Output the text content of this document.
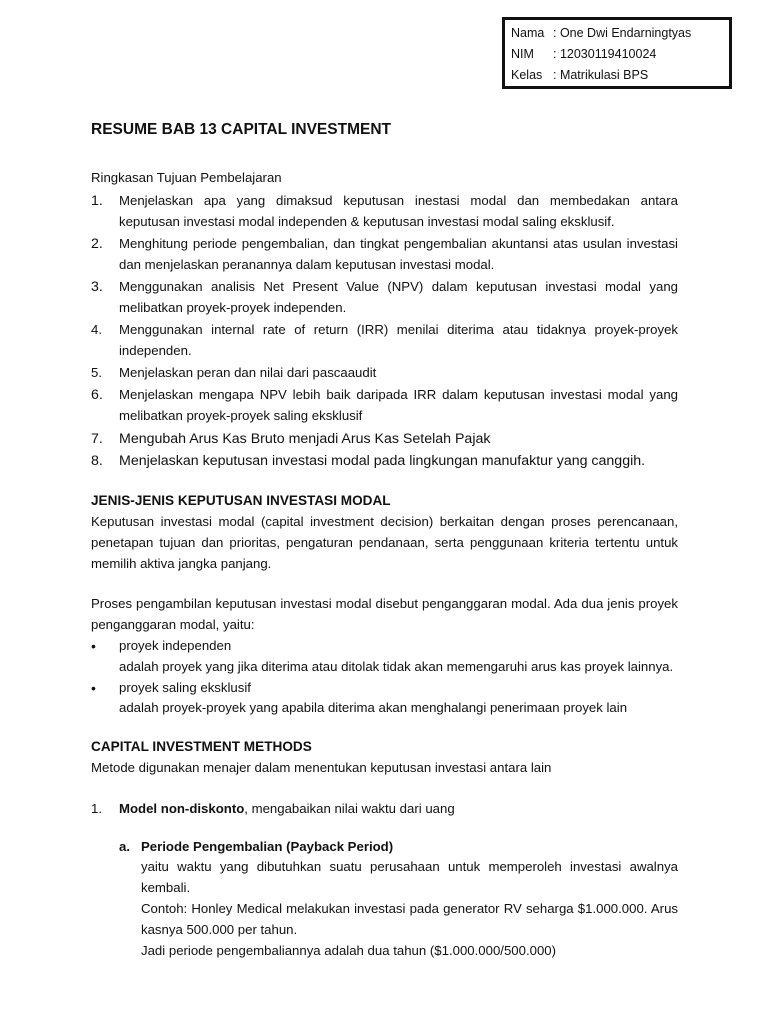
Nama : One Dwi Endarningtyas
NIM	: 12030119410024
Kelas : Matrikulasi BPS
RESUME BAB 13 CAPITAL INVESTMENT

Ringkasan Tujuan Pembelajaran

1.	Menjelaskan apa yang dimaksud keputusan inestasi modal dan membedakan antara keputusan investasi modal independen & keputusan investasi modal saling eksklusif.
2.	Menghitung periode pengembalian, dan tingkat pengembalian akuntansi atas usulan investasi dan menjelaskan peranannya dalam keputusan investasi modal.
3.	Menggunakan analisis Net Present Value (NPV) dalam keputusan investasi modal yang melibatkan proyek-proyek independen.
4.	Menggunakan internal rate of return (IRR) menilai diterima atau tidaknya proyek-proyek independen.
5.	Menjelaskan peran dan nilai dari pascaaudit
6.	Menjelaskan mengapa NPV lebih baik daripada IRR dalam keputusan investasi modal yang melibatkan proyek-proyek saling eksklusif
7.	Mengubah Arus Kas Bruto menjadi Arus Kas Setelah Pajak
8.	Menjelaskan keputusan investasi modal pada lingkungan manufaktur yang canggih.
JENIS-JENIS KEPUTUSAN INVESTASI MODAL

Keputusan investasi modal (capital investment decision) berkaitan dengan proses perencanaan, penetapan tujuan dan prioritas, pengaturan pendanaan, serta penggunaan kriteria tertentu untuk memilih aktiva jangka panjang.

Proses pengambilan keputusan investasi modal disebut penganggaran modal. Ada dua jenis proyek penganggaran modal, yaitu:

•	proyek independen
adalah proyek yang jika diterima atau ditolak tidak akan memengaruhi arus kas proyek lainnya.
•	proyek saling eksklusif
adalah proyek-proyek yang apabila diterima akan menghalangi penerimaan proyek lain
CAPITAL INVESTMENT METHODS

Metode digunakan menajer dalam menentukan keputusan investasi antara lain

1.	Model non-diskonto, mengabaikan nilai waktu dari uang
a. Periode Pengembalian (Payback Period)

yaitu waktu yang dibutuhkan suatu perusahaan untuk memperoleh investasi awalnya kembali.

Contoh: Honley Medical melakukan investasi pada generator RV seharga $1.000.000. Arus kasnya 500.000 per tahun.

Jadi periode pengembaliannya adalah dua tahun ($1.000.000/500.000)
